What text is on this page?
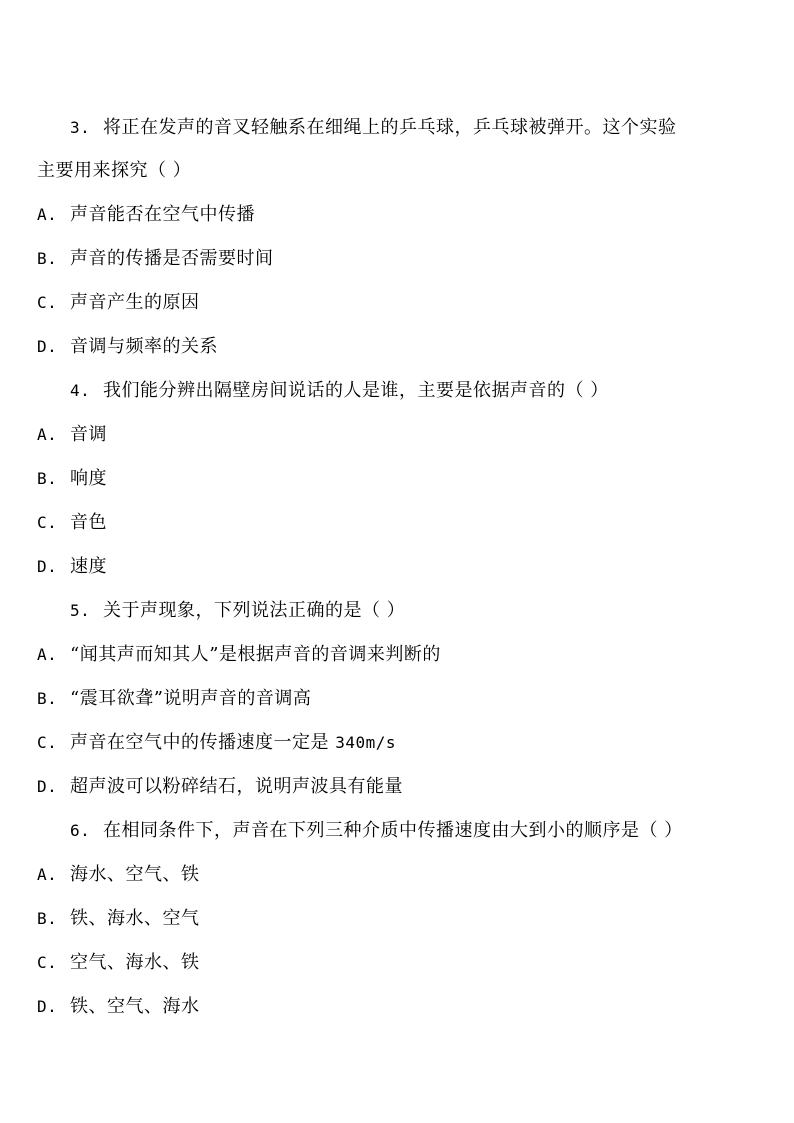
3. 将正在发声的音叉轻触系在细绳上的乒乓球，乒乓球被弹开。这个实验
主要用来探究（ ）
A. 声音能否在空气中传播
B. 声音的传播是否需要时间
C. 声音产生的原因
D. 音调与频率的关系
4. 我们能分辨出隔壁房间说话的人是谁，主要是依据声音的（ ）
A. 音调
B. 响度
C. 音色
D. 速度
5. 关于声现象，下列说法正确的是（ ）
A. “闻其声而知其人”是根据声音的音调来判断的
B. “震耳欲聋”说明声音的音调高
C. 声音在空气中的传播速度一定是 340m/s
D. 超声波可以粉碎结石，说明声波具有能量
6. 在相同条件下，声音在下列三种介质中传播速度由大到小的顺序是（ ）
A. 海水、空气、铁
B. 铁、海水、空气
C. 空气、海水、铁
D. 铁、空气、海水
